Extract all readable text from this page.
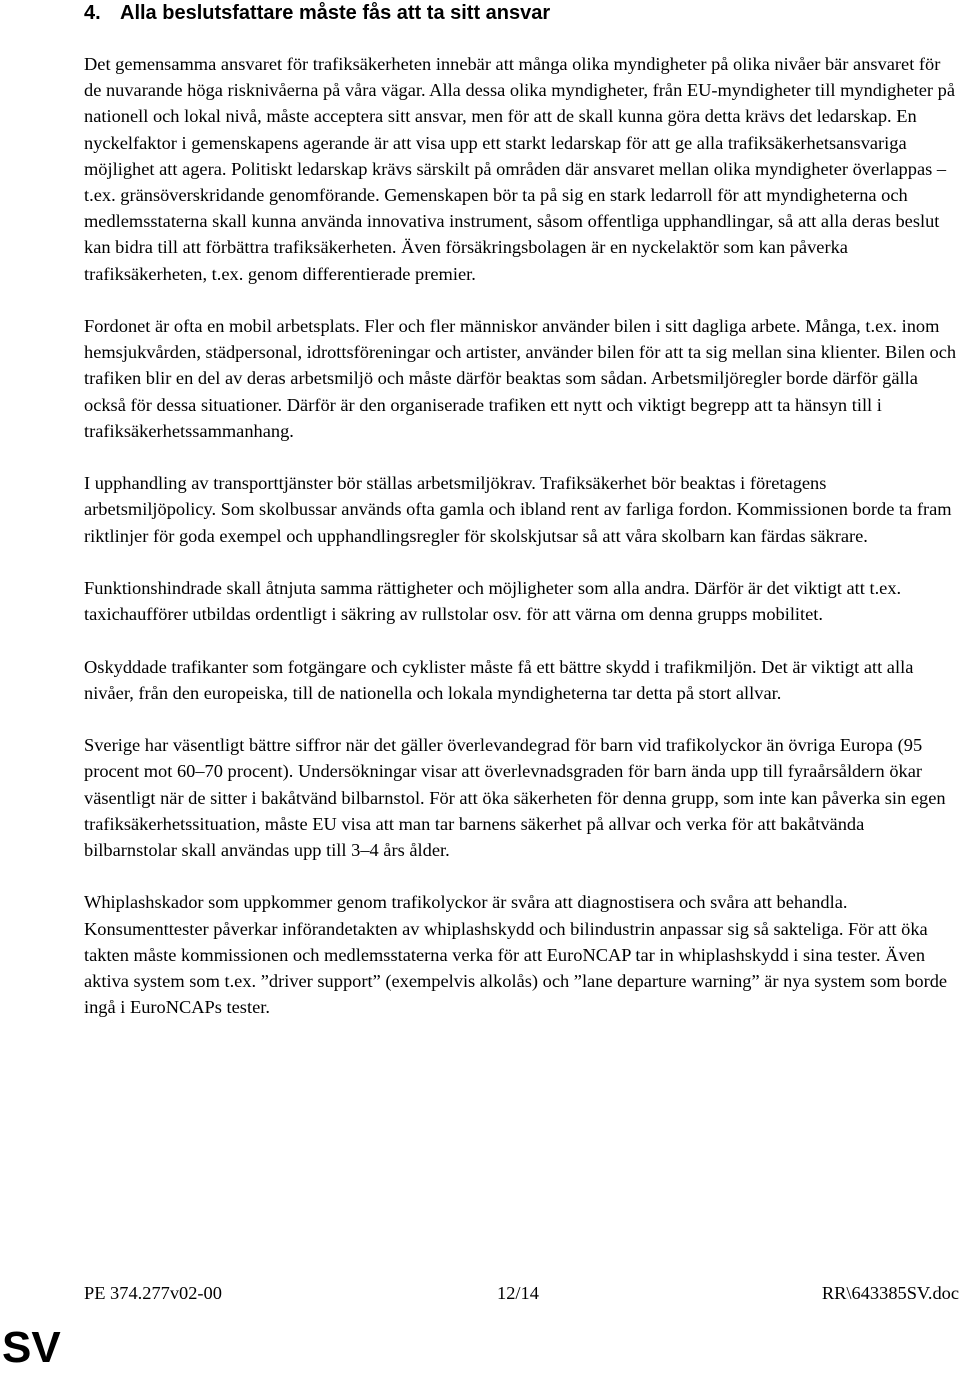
4. Alla beslutsfattare måste fås att ta sitt ansvar

Det gemensamma ansvaret för trafiksäkerheten innebär att många olika myndigheter på olika nivåer bär ansvaret för de nuvarande höga risknivåerna på våra vägar. Alla dessa olika myndigheter, från EU-myndigheter till myndigheter på nationell och lokal nivå, måste acceptera sitt ansvar, men för att de skall kunna göra detta krävs det ledarskap. En nyckelfaktor i gemenskapens agerande är att visa upp ett starkt ledarskap för att ge alla trafiksäkerhetsansvariga möjlighet att agera. Politiskt ledarskap krävs särskilt på områden där ansvaret mellan olika myndigheter överlappas – t.ex. gränsöverskridande genomförande. Gemenskapen bör ta på sig en stark ledarroll för att myndigheterna och medlemsstaterna skall kunna använda innovativa instrument, såsom offentliga upphandlingar, så att alla deras beslut kan bidra till att förbättra trafiksäkerheten. Även försäkringsbolagen är en nyckelaktör som kan påverka trafiksäkerheten, t.ex. genom differentierade premier.

Fordonet är ofta en mobil arbetsplats. Fler och fler människor använder bilen i sitt dagliga arbete. Många, t.ex. inom hemsjukvården, städpersonal, idrottsföreningar och artister, använder bilen för att ta sig mellan sina klienter. Bilen och trafiken blir en del av deras arbetsmiljö och måste därför beaktas som sådan. Arbetsmiljöregler borde därför gälla också för dessa situationer. Därför är den organiserade trafiken ett nytt och viktigt begrepp att ta hänsyn till i trafiksäkerhetssammanhang.

I upphandling av transporttjänster bör ställas arbetsmiljökrav. Trafiksäkerhet bör beaktas i företagens arbetsmiljöpolicy. Som skolbussar används ofta gamla och ibland rent av farliga fordon. Kommissionen borde ta fram riktlinjer för goda exempel och upphandlingsregler för skolskjutsar så att våra skolbarn kan färdas säkrare.

Funktionshindrade skall åtnjuta samma rättigheter och möjligheter som alla andra. Därför är det viktigt att t.ex. taxichaufförer utbildas ordentligt i säkring av rullstolar osv. för att värna om denna grupps mobilitet.

Oskyddade trafikanter som fotgängare och cyklister måste få ett bättre skydd i trafikmiljön. Det är viktigt att alla nivåer, från den europeiska, till de nationella och lokala myndigheterna tar detta på stort allvar.

Sverige har väsentligt bättre siffror när det gäller överlevandegrad för barn vid trafikolyckor än övriga Europa (95 procent mot 60–70 procent). Undersökningar visar att överlevnadsgraden för barn ända upp till fyraårsåldern ökar väsentligt när de sitter i bakåtvänd bilbarnstol. För att öka säkerheten för denna grupp, som inte kan påverka sin egen trafiksäkerhetssituation, måste EU visa att man tar barnens säkerhet på allvar och verka för att bakåtvända bilbarnstolar skall användas upp till 3–4 års ålder.

Whiplashskador som uppkommer genom trafikolyckor är svåra att diagnostisera och svåra att behandla. Konsumenttester påverkar införandetakten av whiplashskydd och bilindustrin anpassar sig så sakteliga. För att öka takten måste kommissionen och medlemsstaterna verka för att EuroNCAP tar in whiplashskydd i sina tester. Även aktiva system som t.ex. ”driver support” (exempelvis alkolås) och ”lane departure warning” är nya system som borde ingå i EuroNCAPs tester.

PE 374.277v02-00	12/14	RR\643385SV.doc
SV
